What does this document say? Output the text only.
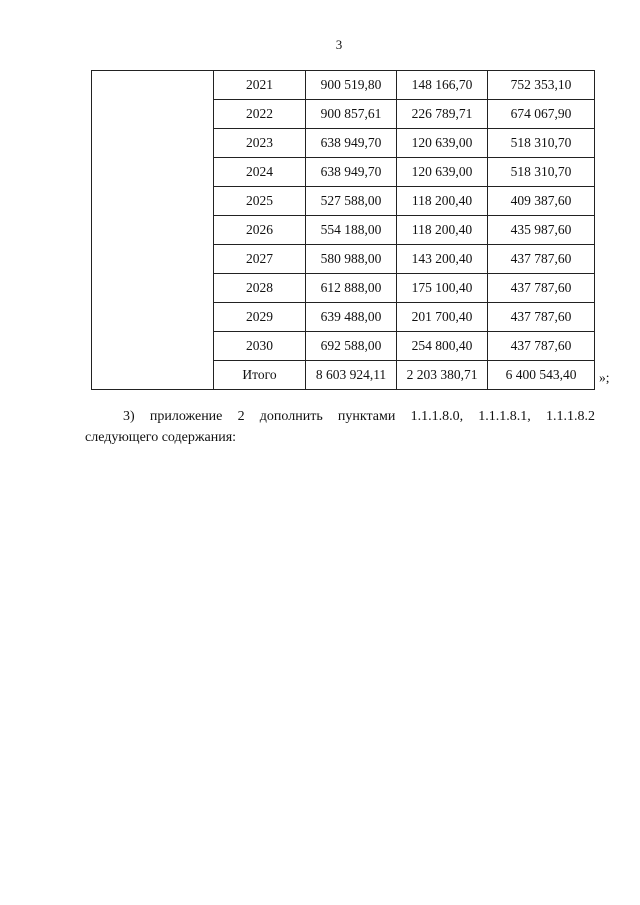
3
	2021	900 519,80	148 166,70	752 353,10
	2022	900 857,61	226 789,71	674 067,90
	2023	638 949,70	120 639,00	518 310,70
	2024	638 949,70	120 639,00	518 310,70
	2025	527 588,00	118 200,40	409 387,60
	2026	554 188,00	118 200,40	435 987,60
	2027	580 988,00	143 200,40	437 787,60
	2028	612 888,00	175 100,40	437 787,60
	2029	639 488,00	201 700,40	437 787,60
	2030	692 588,00	254 800,40	437 787,60
	Итого	8 603 924,11	2 203 380,71	6 400 543,40 »;
3) приложение 2 дополнить пунктами 1.1.1.8.0, 1.1.1.8.1, 1.1.1.8.2
следующего содержания:
